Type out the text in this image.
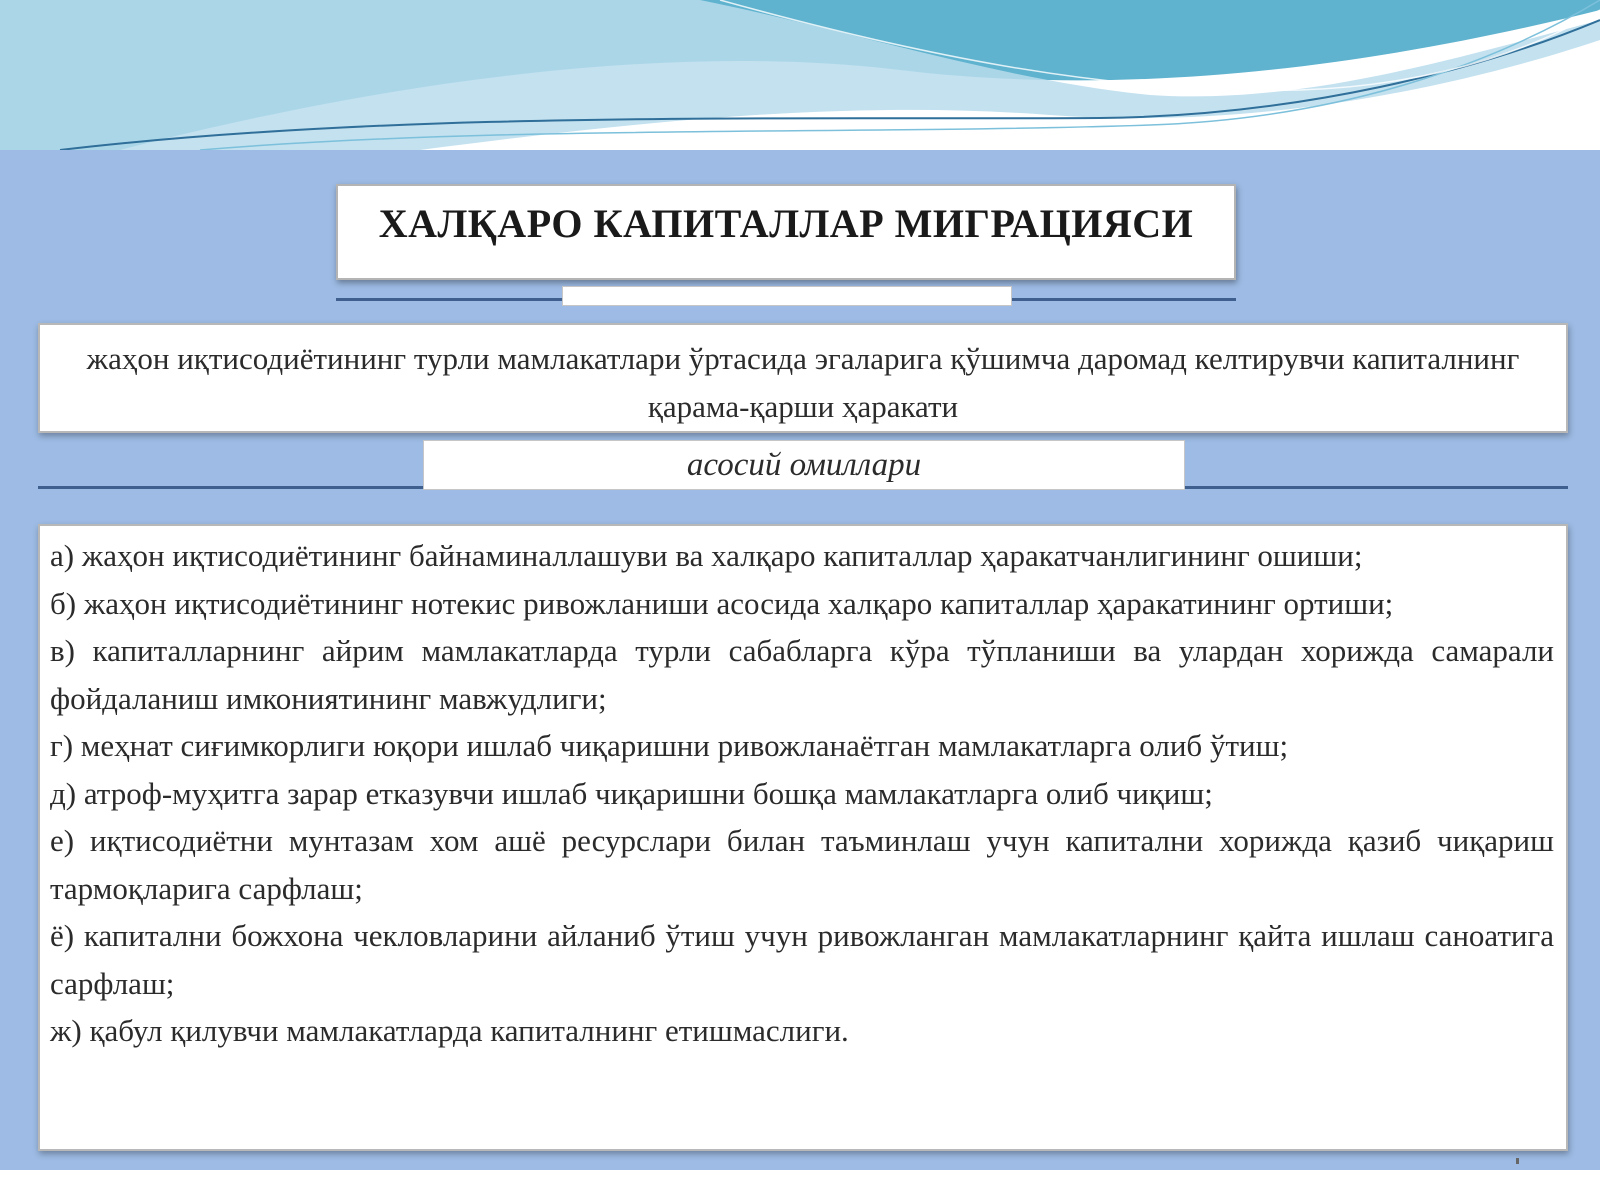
ХАЛҚАРО КАПИТАЛЛАР МИГРАЦИЯСИ
жаҳон иқтисодиётининг турли мамлакатлари ўртасида эгаларига қўшимча даромад келтирувчи капиталнинг қарама-қарши ҳаракати
асосий омиллари
а) жаҳон иқтисодиётининг байнаминаллашуви ва халқаро капиталлар ҳаракатчанлигининг ошиши;
б) жаҳон иқтисодиётининг нотекис ривожланиши асосида халқаро капиталлар ҳаракатининг ортиши;
в) капиталларнинг айрим мамлакатларда турли сабабларга кўра тўпланиши ва улардан хорижда самарали фойдаланиш имкониятининг мавжудлиги;
г) меҳнат сиғимкорлиги юқори ишлаб чиқаришни ривожланаётган мамлакатларга олиб ўтиш;
д) атроф-муҳитга зарар етказувчи ишлаб чиқаришни бошқа мамлакатларга олиб чиқиш;
е) иқтисодиётни мунтазам хом ашё ресурслари билан таъминлаш учун капитални хорижда қазиб чиқариш тармоқларига сарфлаш;
ё) капитални божхона чекловларини айланиб ўтиш учун ривожланган мамлакатларнинг қайта ишлаш саноатига сарфлаш;
ж) қабул қилувчи мамлакатларда капиталнинг етишмаслиги.
